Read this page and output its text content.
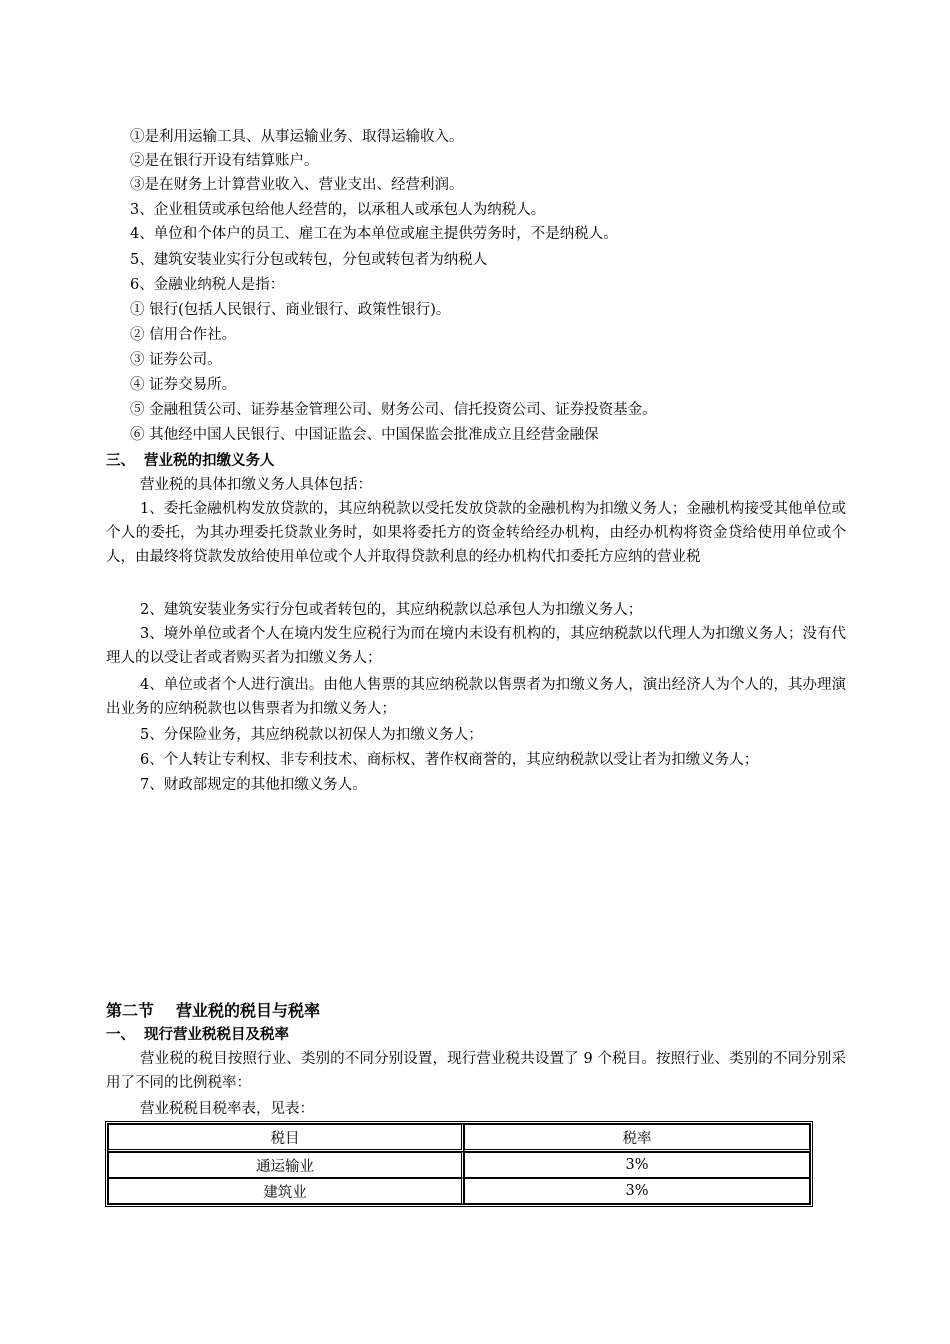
①是利用运输工具、从事运输业务、取得运输收入。
②是在银行开设有结算账户。
③是在财务上计算营业收入、营业支出、经营利润。
3、企业租赁或承包给他人经营的，以承租人或承包人为纳税人。
4、单位和个体户的员工、雇工在为本单位或雇主提供劳务时，不是纳税人。
5、建筑安装业实行分包或转包，分包或转包者为纳税人
6、金融业纳税人是指：
① 银行(包括人民银行、商业银行、政策性银行)。
② 信用合作社。
③ 证券公司。
④ 证券交易所。
⑤ 金融租赁公司、证券基金管理公司、财务公司、信托投资公司、证券投资基金。
⑥ 其他经中国人民银行、中国证监会、中国保监会批准成立且经营金融保
三、 营业税的扣缴义务人
营业税的具体扣缴义务人具体包括：
1、委托金融机构发放贷款的，其应纳税款以受托发放贷款的金融机构为扣缴义务人；金融机构接受其他单位或个人的委托，为其办理委托贷款业务时，如果将委托方的资金转给经办机构，由经办机构将资金贷给使用单位或个人，由最终将贷款发放给使用单位或个人并取得贷款利息的经办机构代扣委托方应纳的营业税
2、建筑安装业务实行分包或者转包的，其应纳税款以总承包人为扣缴义务人；
3、境外单位或者个人在境内发生应税行为而在境内未设有机构的，其应纳税款以代理人为扣缴义务人；没有代理人的以受让者或者购买者为扣缴义务人；
4、单位或者个人进行演出。由他人售票的其应纳税款以售票者为扣缴义务人，演出经济人为个人的，其办理演出业务的应纳税款也以售票者为扣缴义务人；
5、分保险业务，其应纳税款以初保人为扣缴义务人；
6、个人转让专利权、非专利技术、商标权、著作权商誉的，其应纳税款以受让者为扣缴义务人；
7、财政部规定的其他扣缴义务人。
第二节 营业税的税目与税率
一、 现行营业税税目及税率
营业税的税目按照行业、类别的不同分别设置，现行营业税共设置了 9 个税目。按照行业、类别的不同分别采用了不同的比例税率：
营业税税目税率表，见表：
税目	税率
通运输业	3%
建筑业	3%
